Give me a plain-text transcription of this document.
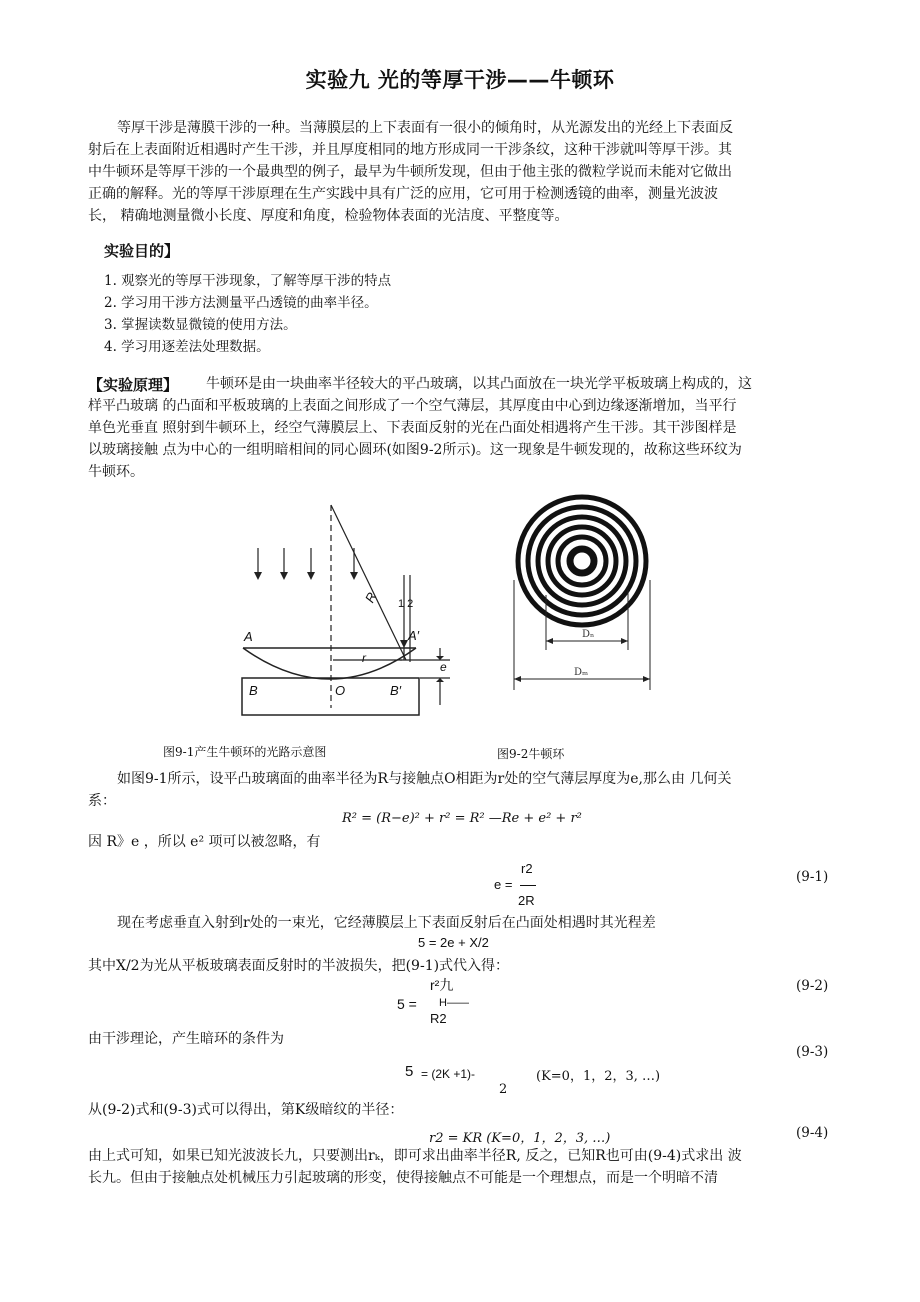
实验九 光的等厚干涉——牛顿环
等厚干涉是薄膜干涉的一种。当薄膜层的上下表面有一很小的倾角时，从光源发出的光经上下表面反
射后在上表面附近相遇时产生干涉，并且厚度相同的地方形成同一干涉条纹，这种干涉就叫等厚干涉。其
中牛顿环是等厚干涉的一个最典型的例子，最早为牛顿所发现，但由于他主张的微粒学说而未能对它做出
正确的解释。光的等厚干涉原理在生产实践中具有广泛的应用，它可用于检测透镜的曲率，测量光波波
长， 精确地测量微小长度、厚度和角度，检验物体表面的光洁度、平整度等。
实验目的】
1. 观察光的等厚干涉现象，了解等厚干涉的特点
2. 学习用干涉方法测量平凸透镜的曲率半径。
3. 掌握读数显微镜的使用方法。
4. 学习用逐差法处理数据。
【实验原理】 牛顿环是由一块曲率半径较大的平凸玻璃，以其凸面放在一块光学平板玻璃上构成的，这
样平凸玻璃 的凸面和平板玻璃的上表面之间形成了一个空气薄层，其厚度由中心到边缘逐渐增加，当平行
单色光垂直 照射到牛顿环上，经空气薄膜层上、下表面反射的光在凸面处相遇将产生干涉。其干涉图样是
以玻璃接触 点为中心的一组明暗相间的同心圆环(如图9-2所示)。这一现象是牛顿发现的，故称这些环纹为
牛顿环。
A	A′
B	O	B′
R
r
e
1 2
图9-1产生牛顿环的光路示意图
Dₙ
Dₘ
图9-2牛顿环
如图9-1所示，设平凸玻璃面的曲率半径为R与接触点O相距为r处的空气薄层厚度为e,那么由 几何关
系：
R² = (R−e)² + r² = R² —Re + e² + r²
因 R》e ，所以 e² 项可以被忽略，有
r2
e =
2R
(9-1)
现在考虑垂直入射到r处的一束光，它经薄膜层上下表面反射后在凸面处相遇时其光程差
5 = 2e + X/2
其中X/2为光从平板玻璃表面反射时的半波损失，把(9-1)式代入得：
r²九
5 = H——
R2
(9-2)
由干涉理论，产生暗环的条件为
(9-3)
5 = (2K +1)-	(K=0，1，2，3, …)
2
从(9-2)式和(9-3)式可以得出，第K级暗纹的半径：
r2 = KR (K=0，1，2，3, …)	(9-4)
由上式可知，如果已知光波波长九，只要测出rₖ，即可求出曲率半径R, 反之，已知R也可由(9-4)式求出 波
长九。但由于接触点处机械压力引起玻璃的形变，使得接触点不可能是一个理想点，而是一个明暗不清
